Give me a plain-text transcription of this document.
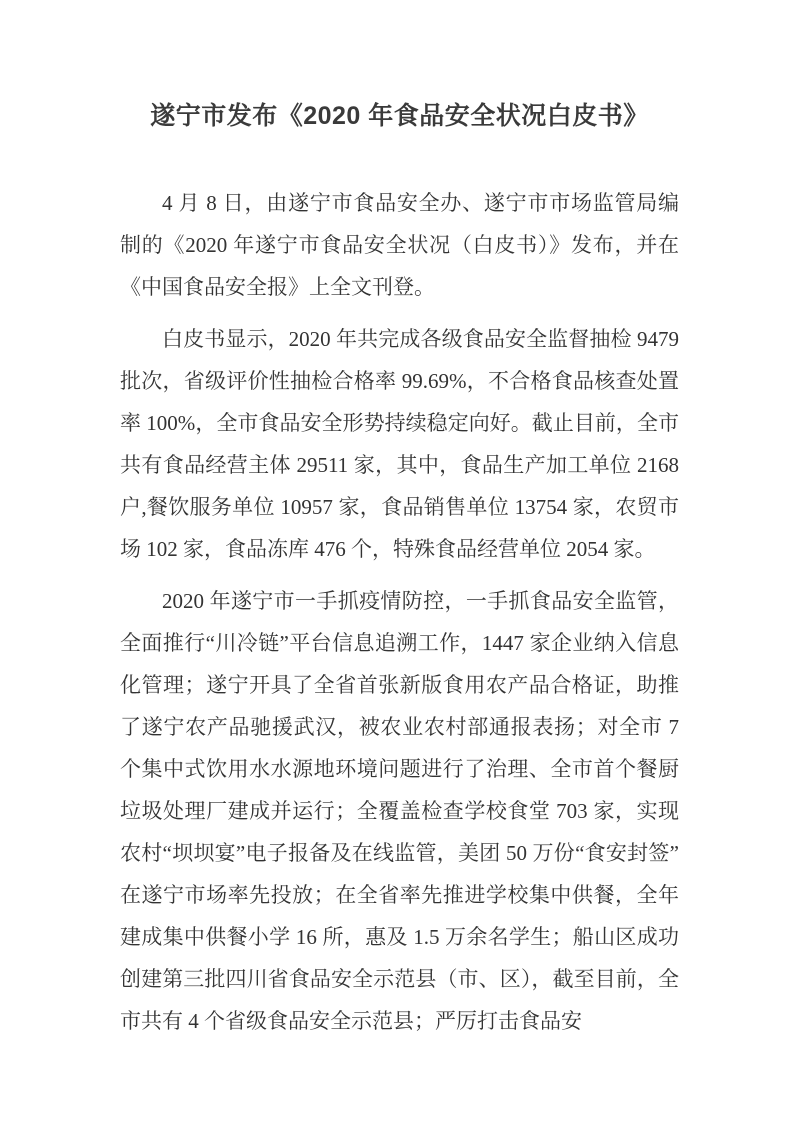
遂宁市发布《2020 年食品安全状况白皮书》

4 月 8 日，由遂宁市食品安全办、遂宁市市场监管局编制的《2020 年遂宁市食品安全状况（白皮书）》发布，并在《中国食品安全报》上全文刊登。

白皮书显示，2020 年共完成各级食品安全监督抽检 9479 批次，省级评价性抽检合格率 99.69%，不合格食品核查处置率 100%，全市食品安全形势持续稳定向好。截止目前，全市共有食品经营主体 29511 家，其中，食品生产加工单位 2168 户,餐饮服务单位 10957 家，食品销售单位 13754 家，农贸市场 102 家，食品冻库 476 个，特殊食品经营单位 2054 家。

2020 年遂宁市一手抓疫情防控，一手抓食品安全监管，全面推行“川冷链”平台信息追溯工作，1447 家企业纳入信息化管理；遂宁开具了全省首张新版食用农产品合格证，助推了遂宁农产品驰援武汉，被农业农村部通报表扬；对全市 7 个集中式饮用水水源地环境问题进行了治理、全市首个餐厨垃圾处理厂建成并运行；全覆盖检查学校食堂 703 家，实现农村“坝坝宴”电子报备及在线监管，美团 50 万份“食安封签”在遂宁市场率先投放；在全省率先推进学校集中供餐，全年建成集中供餐小学 16 所，惠及 1.5 万余名学生；船山区成功创建第三批四川省食品安全示范县（市、区），截至目前，全市共有 4 个省级食品安全示范县；严厉打击食品安
